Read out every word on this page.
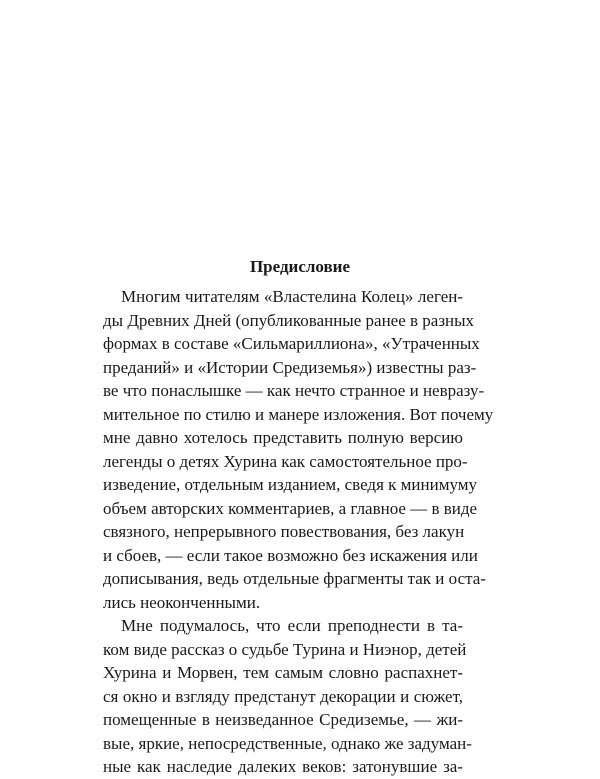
Предисловие
Многим читателям «Властелина Колец» леген-
ды Древних Дней (опубликованные ранее в разных
формах в составе «Сильмариллиона», «Утраченных
преданий» и «Истории Средиземья») известны раз-
ве что понаслышке — как нечто странное и невразу-
мительное по стилю и манере изложения. Вот почему
мне давно хотелось представить полную версию
легенды о детях Хурина как самостоятельное про-
изведение, отдельным изданием, сведя к минимуму
объем авторских комментариев, а главное — в виде
связного, непрерывного повествования, без лакун
и сбоев, — если такое возможно без искажения или
дописывания, ведь отдельные фрагменты так и оста-
лись неоконченными.
Мне подумалось, что если преподнести в та-
ком виде рассказ о судьбе Турина и Ниэнор, детей
Хурина и Морвен, тем самым словно распахнет-
ся окно и взгляду предстанут декорации и сюжет,
помещенные в неизведанное Средиземье, — жи-
вые, яркие, непосредственные, однако же задуман-
ные как наследие далеких веков: затонувшие за-
